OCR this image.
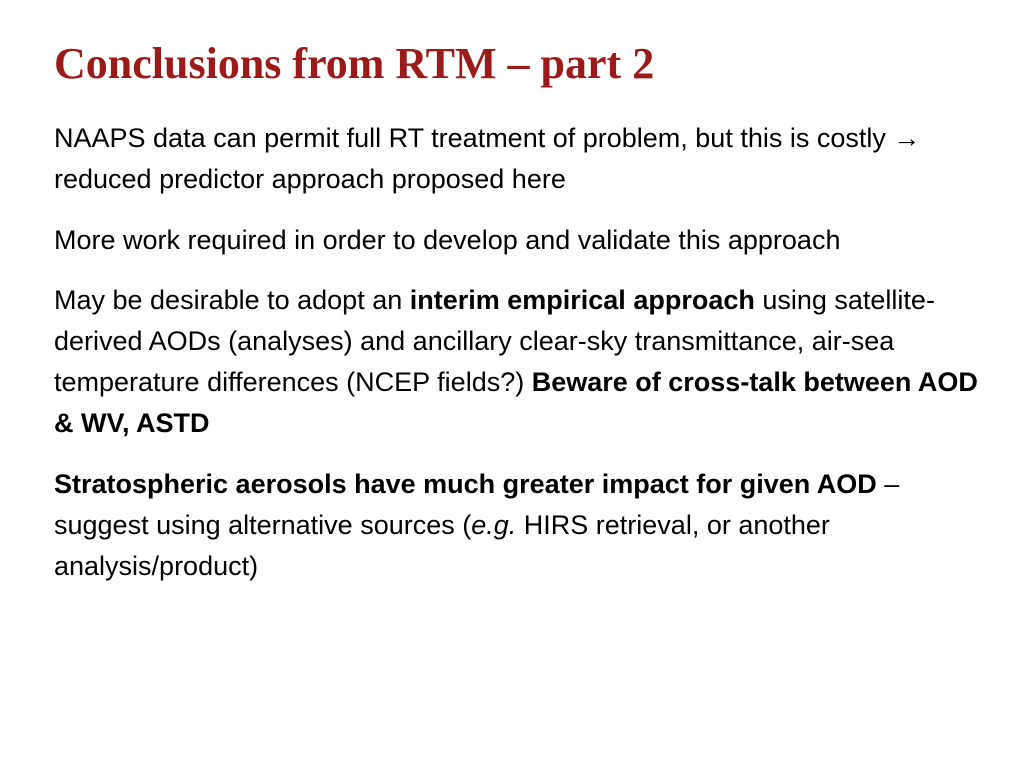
Conclusions from RTM – part 2

NAAPS data can permit full RT treatment of problem, but this is costly → reduced predictor approach proposed here

More work required in order to develop and validate this approach

May be desirable to adopt an interim empirical approach using satellite-derived AODs (analyses) and ancillary clear-sky transmittance, air-sea temperature differences (NCEP fields?) Beware of cross-talk between AOD & WV, ASTD

Stratospheric aerosols have much greater impact for given AOD – suggest using alternative sources (e.g. HIRS retrieval, or another analysis/product)
